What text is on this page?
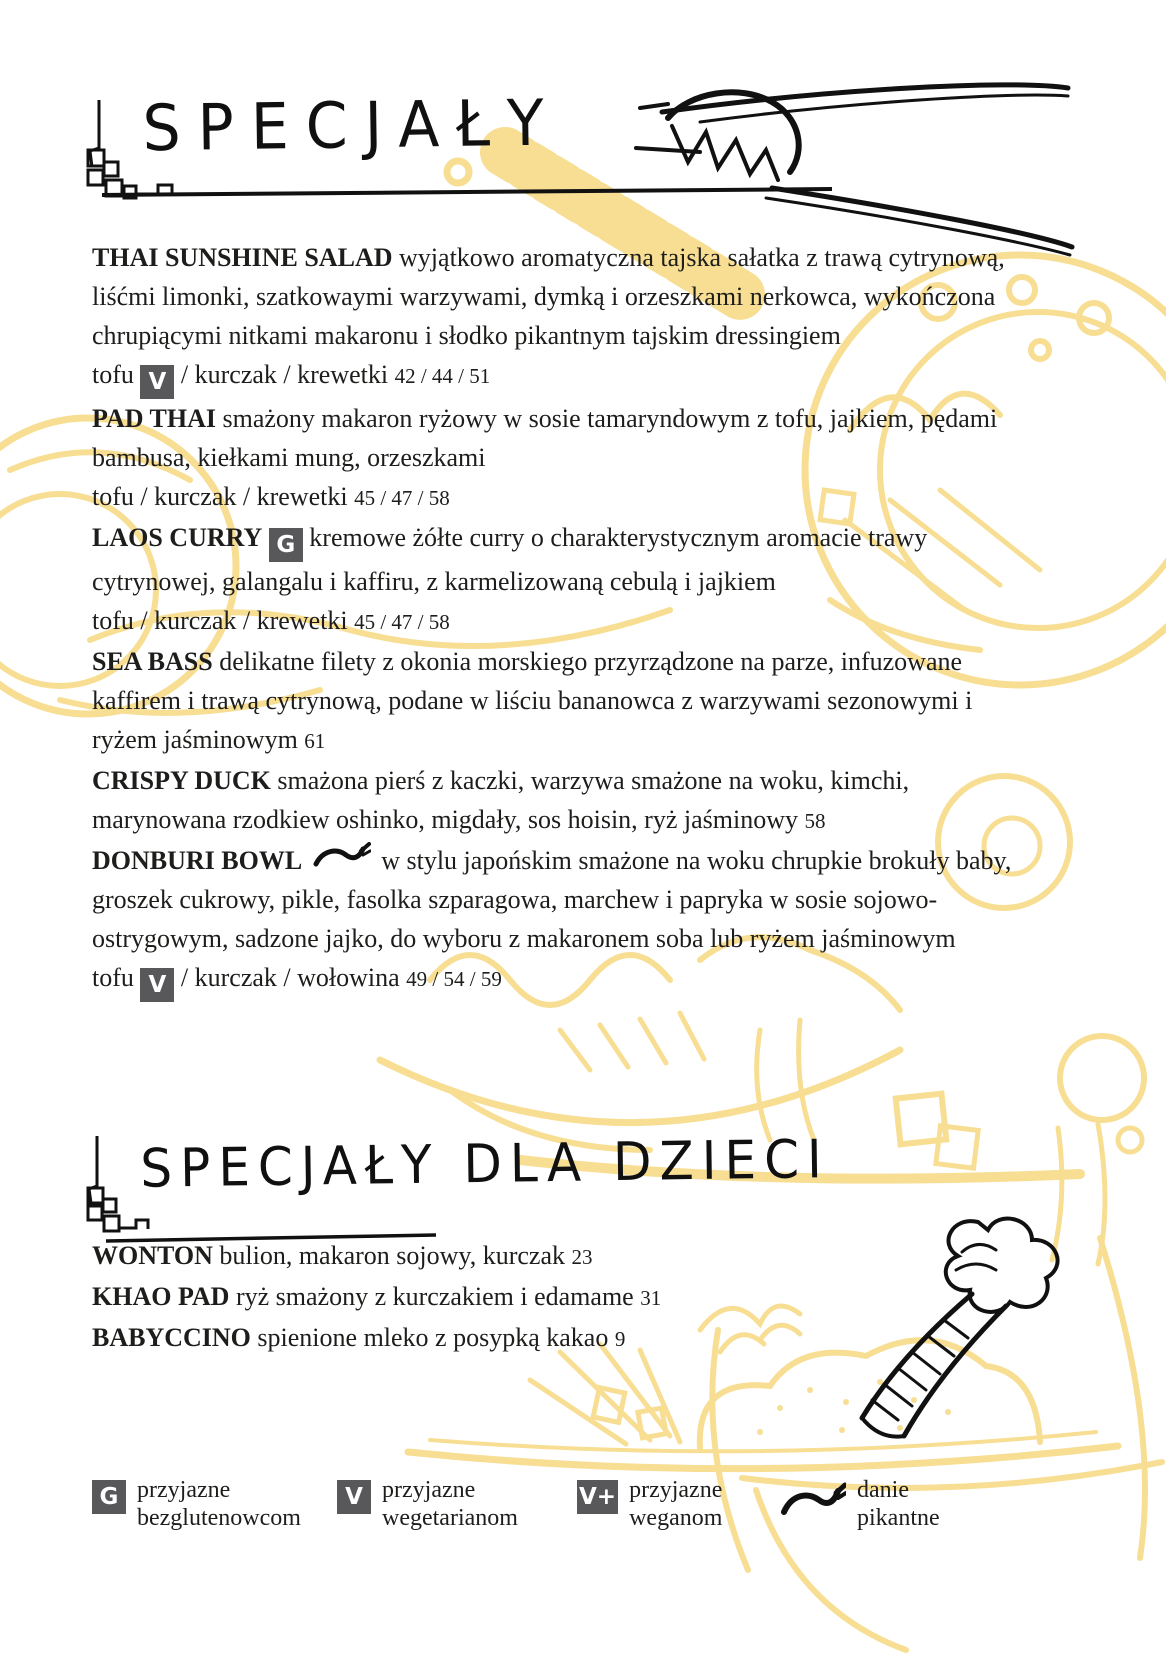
SPECJAŁY

THAI SUNSHINE SALAD wyjątkowo aromatyczna tajska sałatka z trawą cytrynową, liśćmi limonki, szatkowaymi warzywami, dymką i orzeszkami nerkowca, wykończona chrupiącymi nitkami makaronu i słodko pikantnym tajskim dressingiem

tofu V / kurczak / krewetki 42 / 44 / 51

PAD THAI smażony makaron ryżowy w sosie tamaryndowym z tofu, jajkiem, pędami bambusa, kiełkami mung, orzeszkami

tofu / kurczak / krewetki 45 / 47 / 58

LAOS CURRY G kremowe żółte curry o charakterystycznym aromacie trawy cytrynowej, galangalu i kaffiru, z karmelizowaną cebulą i jajkiem

tofu / kurczak / krewetki 45 / 47 / 58

SEA BASS delikatne filety z okonia morskiego przyrządzone na parze, infuzowane kaffirem i trawą cytrynową, podane w liściu bananowca z warzywami sezonowymi i ryżem jaśminowym 61

CRISPY DUCK smażona pierś z kaczki, warzywa smażone na woku, kimchi, marynowana rzodkiew oshinko, migdały, sos hoisin, ryż jaśminowy 58

DONBURI BOWL	w stylu japońskim smażone na woku chrupkie brokuły baby, groszek cukrowy, pikle, fasolka szparagowa, marchew i papryka w sosie sojowo-ostrygowym, sadzone jajko, do wyboru z makaronem soba lub ryżem jaśminowym

tofu V / kurczak / wołowina 49 / 54 / 59

SPECJAŁY DLA DZIECI

WONTON bulion, makaron sojowy, kurczak 23

KHAO PAD ryż smażony z kurczakiem i edamame 31

BABYCCINO spienione mleko z posypką kakao 9

G przyjazne
bezglutenowcom
V przyjazne
wegetarianom
V+ przyjazne
weganom
danie
pikantne
